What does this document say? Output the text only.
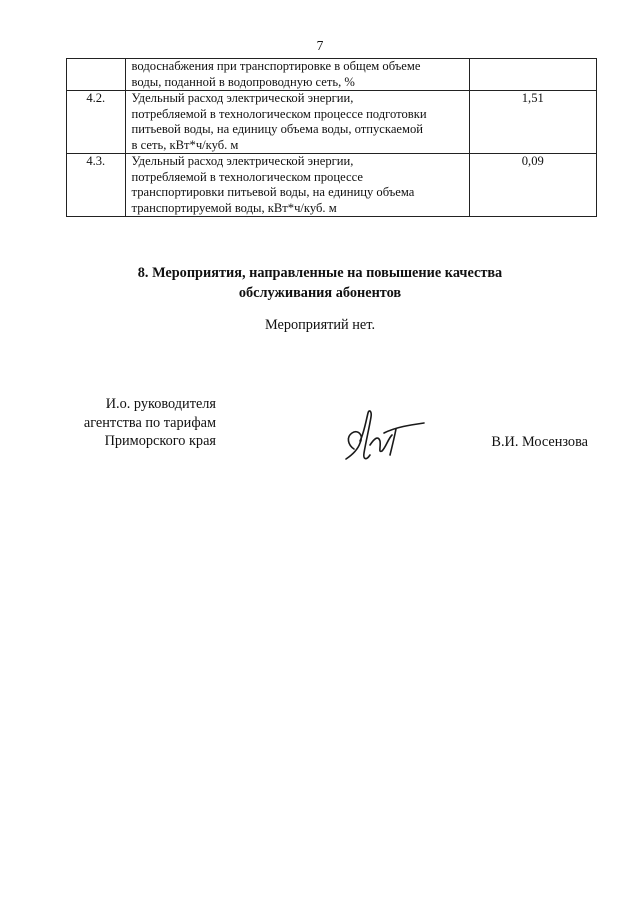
7

	водоснабжения при транспортировке в общем объеме
воды, поданной в водопроводную сеть, %	

4.2.	Удельный расход электрической энергии,
потребляемой в технологическом процессе подготовки
питьевой воды, на единицу объема воды, отпускаемой
в сеть, кВт*ч/куб. м	1,51
4.3.	Удельный расход электрической энергии,
потребляемой в технологическом процессе
транспортировки питьевой воды, на единицу объема
транспортируемой воды, кВт*ч/куб. м	0,09
8. Мероприятия, направленные на повышение качества
обслуживания абонентов
Мероприятий нет.
И.о. руководителя
агентства по тарифам
Приморского края	В.И. Мосензова
